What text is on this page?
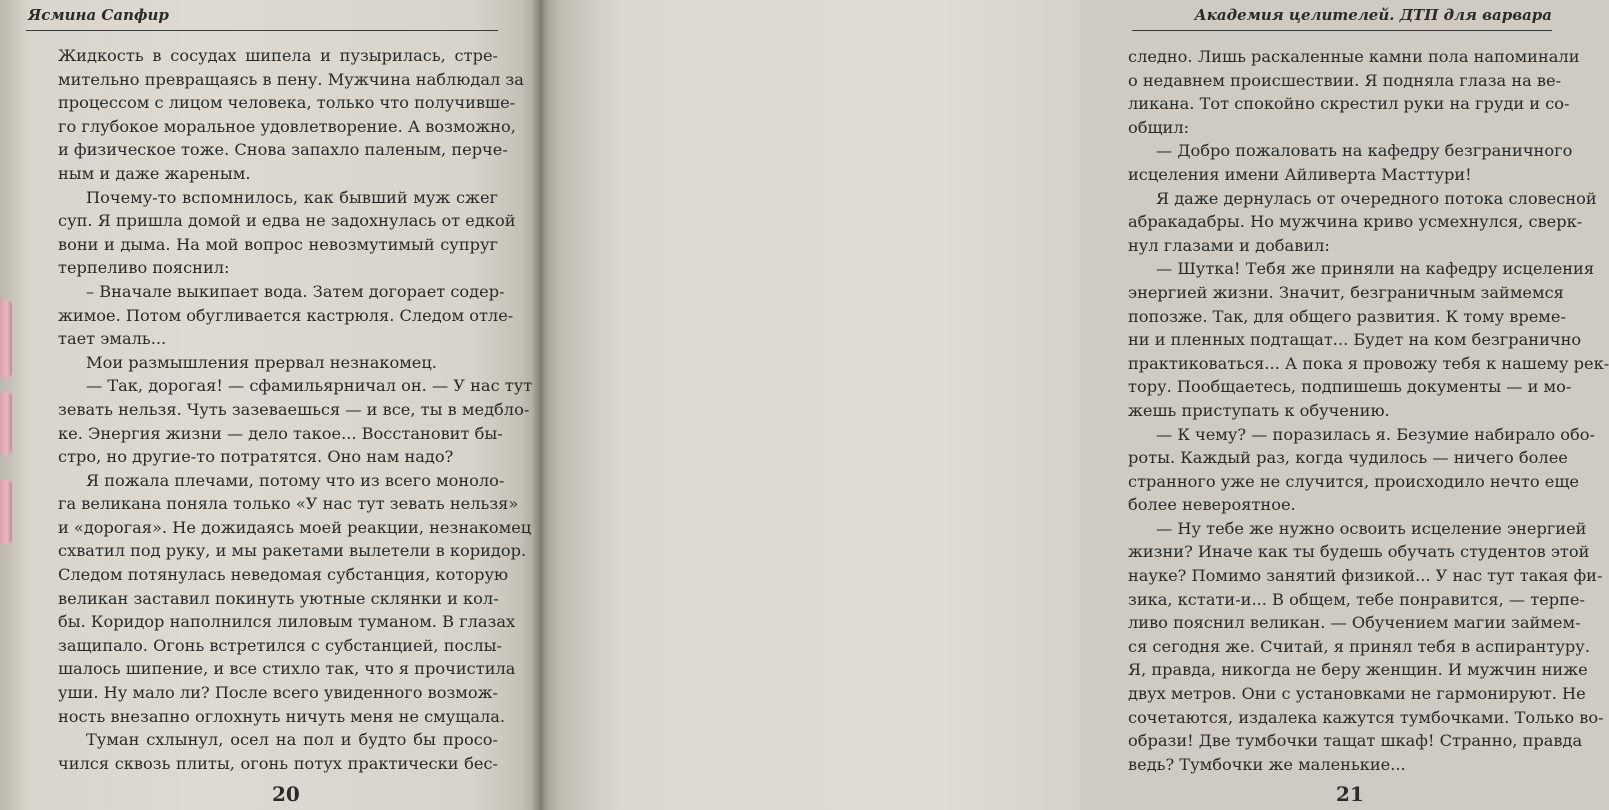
Ясмина Сапфир
Жидкость в сосудах шипела и пузырилась, стре-
мительно превращаясь в пену. Мужчина наблюдал за
процессом с лицом человека, только что получивше-
го глубокое моральное удовлетворение. А возможно,
и физическое тоже. Снова запахло паленым, перче-
ным и даже жареным.
Почему-то вспомнилось, как бывший муж сжег
суп. Я пришла домой и едва не задохнулась от едкой
вони и дыма. На мой вопрос невозмутимый супруг
терпеливо пояснил:
– Вначале выкипает вода. Затем догорает содер-
жимое. Потом обугливается кастрюля. Следом отле-
тает эмаль...
Мои размышления прервал незнакомец.
— Так, дорогая! — сфамильярничал он. — У нас тут
зевать нельзя. Чуть зазеваешься — и все, ты в медбло-
ке. Энергия жизни — дело такое... Восстановит бы-
стро, но другие-то потратятся. Оно нам надо?
Я пожала плечами, потому что из всего моноло-
га великана поняла только «У нас тут зевать нельзя»
и «дорогая». Не дожидаясь моей реакции, незнакомец
схватил под руку, и мы ракетами вылетели в коридор.
Следом потянулась неведомая субстанция, которую
великан заставил покинуть уютные склянки и кол-
бы. Коридор наполнился лиловым туманом. В глазах
защипало. Огонь встретился с субстанцией, послы-
шалось шипение, и все стихло так, что я прочистила
уши. Ну мало ли? После всего увиденного возмож-
ность внезапно оглохнуть ничуть меня не смущала.
Туман схлынул, осел на пол и будто бы просо-
чился сквозь плиты, огонь потух практически бес-
20
Академия целителей. ДТП для варвара
следно. Лишь раскаленные камни пола напоминали
о недавнем происшествии. Я подняла глаза на ве-
ликана. Тот спокойно скрестил руки на груди и со-
общил:
— Добро пожаловать на кафедру безграничного
исцеления имени Айливерта Масттури!
Я даже дернулась от очередного потока словесной
абракадабры. Но мужчина криво усмехнулся, сверк-
нул глазами и добавил:
— Шутка! Тебя же приняли на кафедру исцеления
энергией жизни. Значит, безграничным займемся
попозже. Так, для общего развития. К тому време-
ни и пленных подтащат... Будет на ком безгранично
практиковаться... А пока я провожу тебя к нашему рек-
тору. Пообщаетесь, подпишешь документы — и мо-
жешь приступать к обучению.
— К чему? — поразилась я. Безумие набирало обо-
роты. Каждый раз, когда чудилось — ничего более
странного уже не случится, происходило нечто еще
более невероятное.
— Ну тебе же нужно освоить исцеление энергией
жизни? Иначе как ты будешь обучать студентов этой
науке? Помимо занятий физикой... У нас тут такая фи-
зика, кстати-и... В общем, тебе понравится, — терпе-
ливо пояснил великан. — Обучением магии займем-
ся сегодня же. Считай, я принял тебя в аспирантуру.
Я, правда, никогда не беру женщин. И мужчин ниже
двух метров. Они с установками не гармонируют. Не
сочетаются, издалека кажутся тумбочками. Только во-
образи! Две тумбочки тащат шкаф! Странно, правда
ведь? Тумбочки же маленькие...
21
